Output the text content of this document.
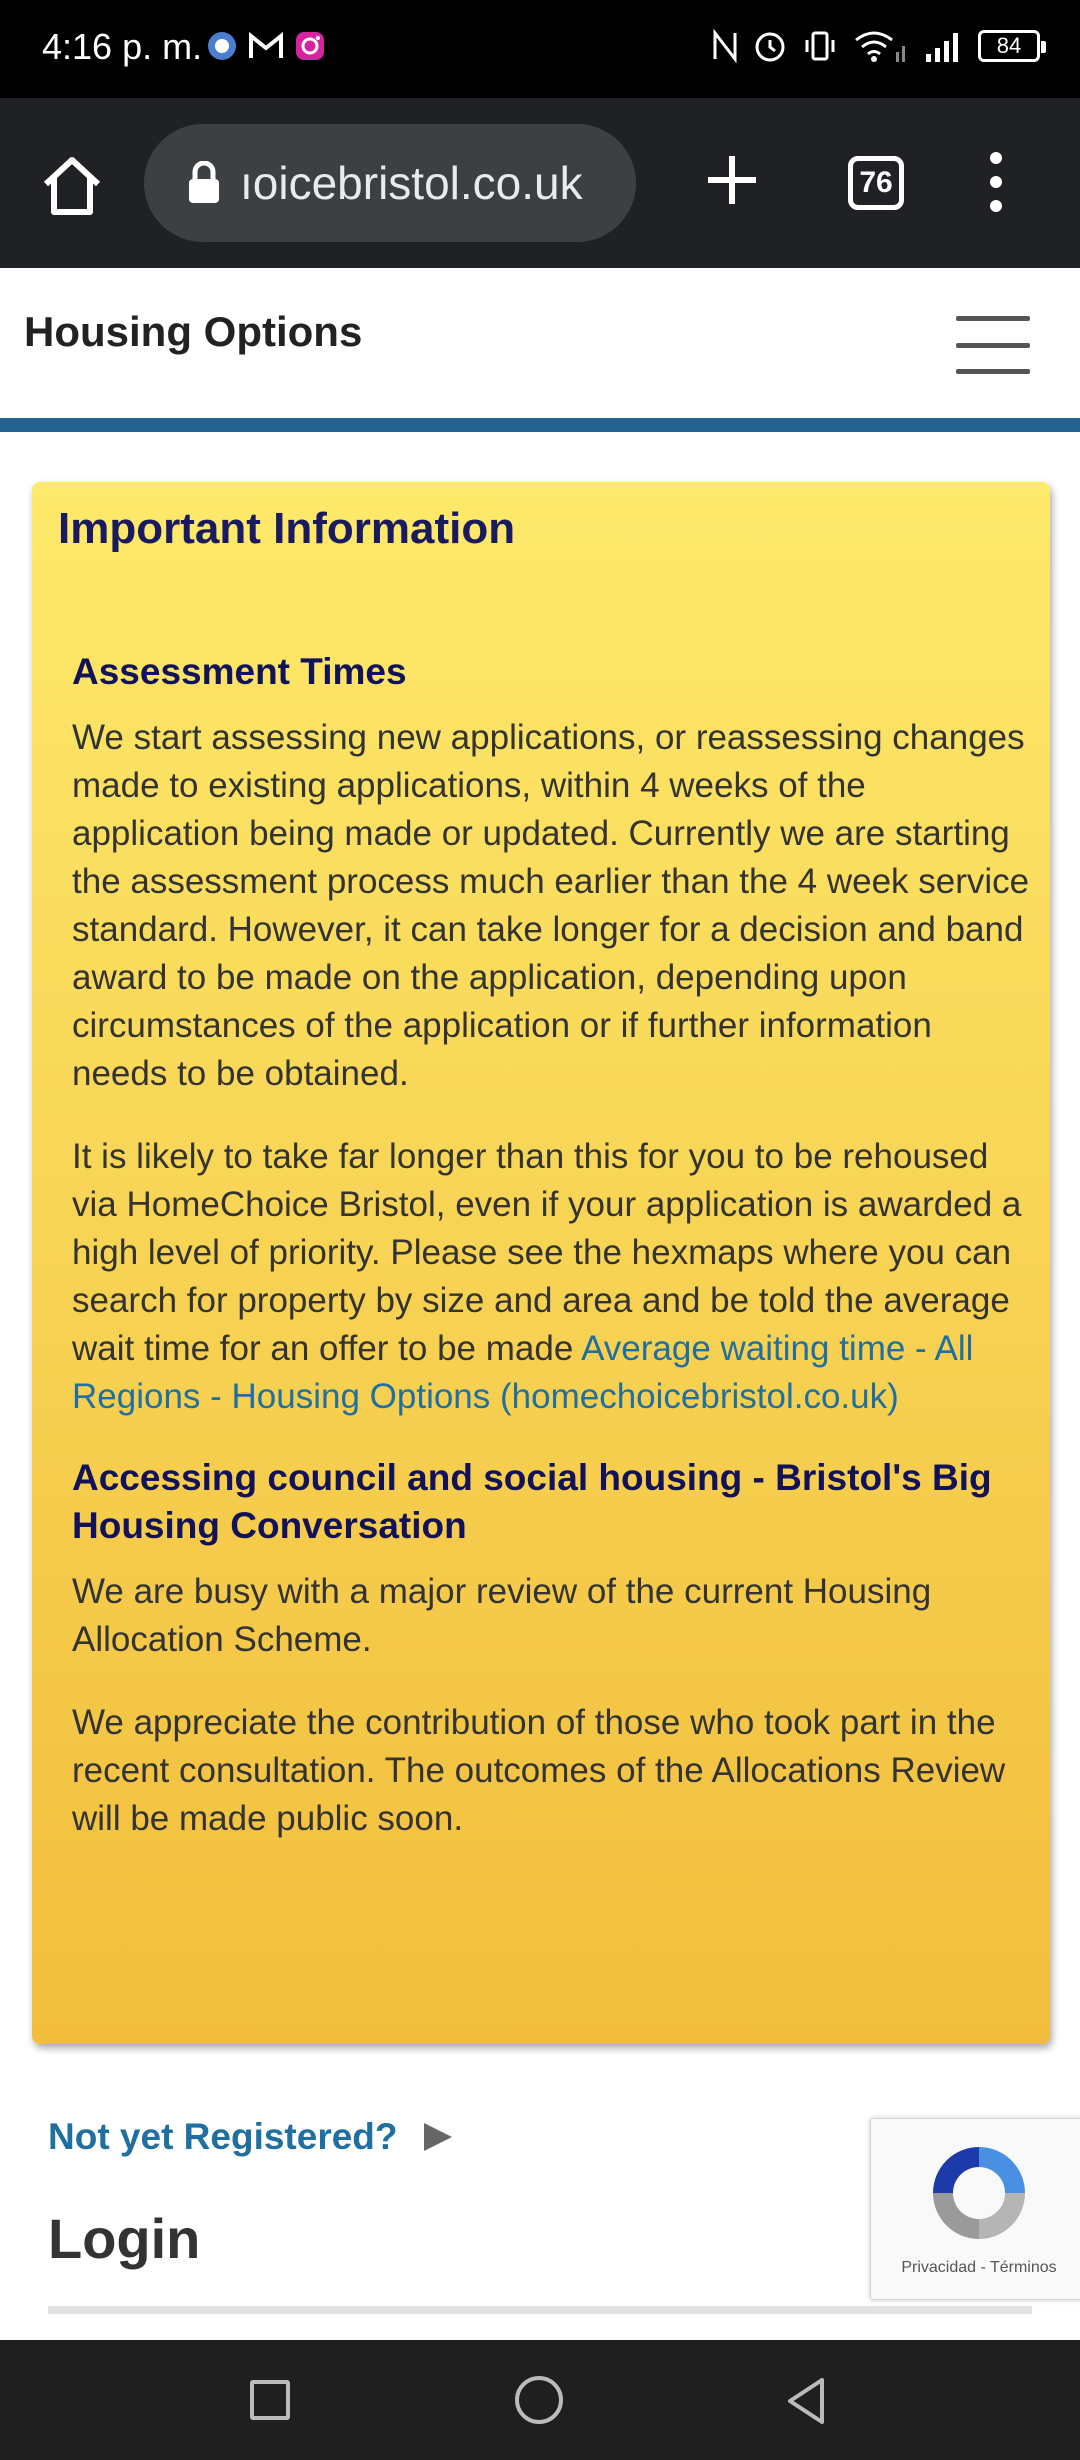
4:16 p. m.	84
ıoicebristol.co.uk	76
Housing Options
Important Information
Assessment Times

We start assessing new applications, or reassessing changes made to existing applications, within 4 weeks of the application being made or updated. Currently we are starting the assessment process much earlier than the 4 week service standard. However, it can take longer for a decision and band award to be made on the application, depending upon circumstances of the application or if further information needs to be obtained.

It is likely to take far longer than this for you to be rehoused via HomeChoice Bristol, even if your application is awarded a high level of priority. Please see the hexmaps where you can search for property by size and area and be told the average wait time for an offer to be made Average waiting time - All Regions - Housing Options (homechoicebristol.co.uk)

Accessing council and social housing - Bristol's Big Housing Conversation

We are busy with a major review of the current Housing Allocation Scheme.

We appreciate the contribution of those who took part in the recent consultation. The outcomes of the Allocations Review will be made public soon.

Not yet Registered?
Login	Privacidad - Términos
